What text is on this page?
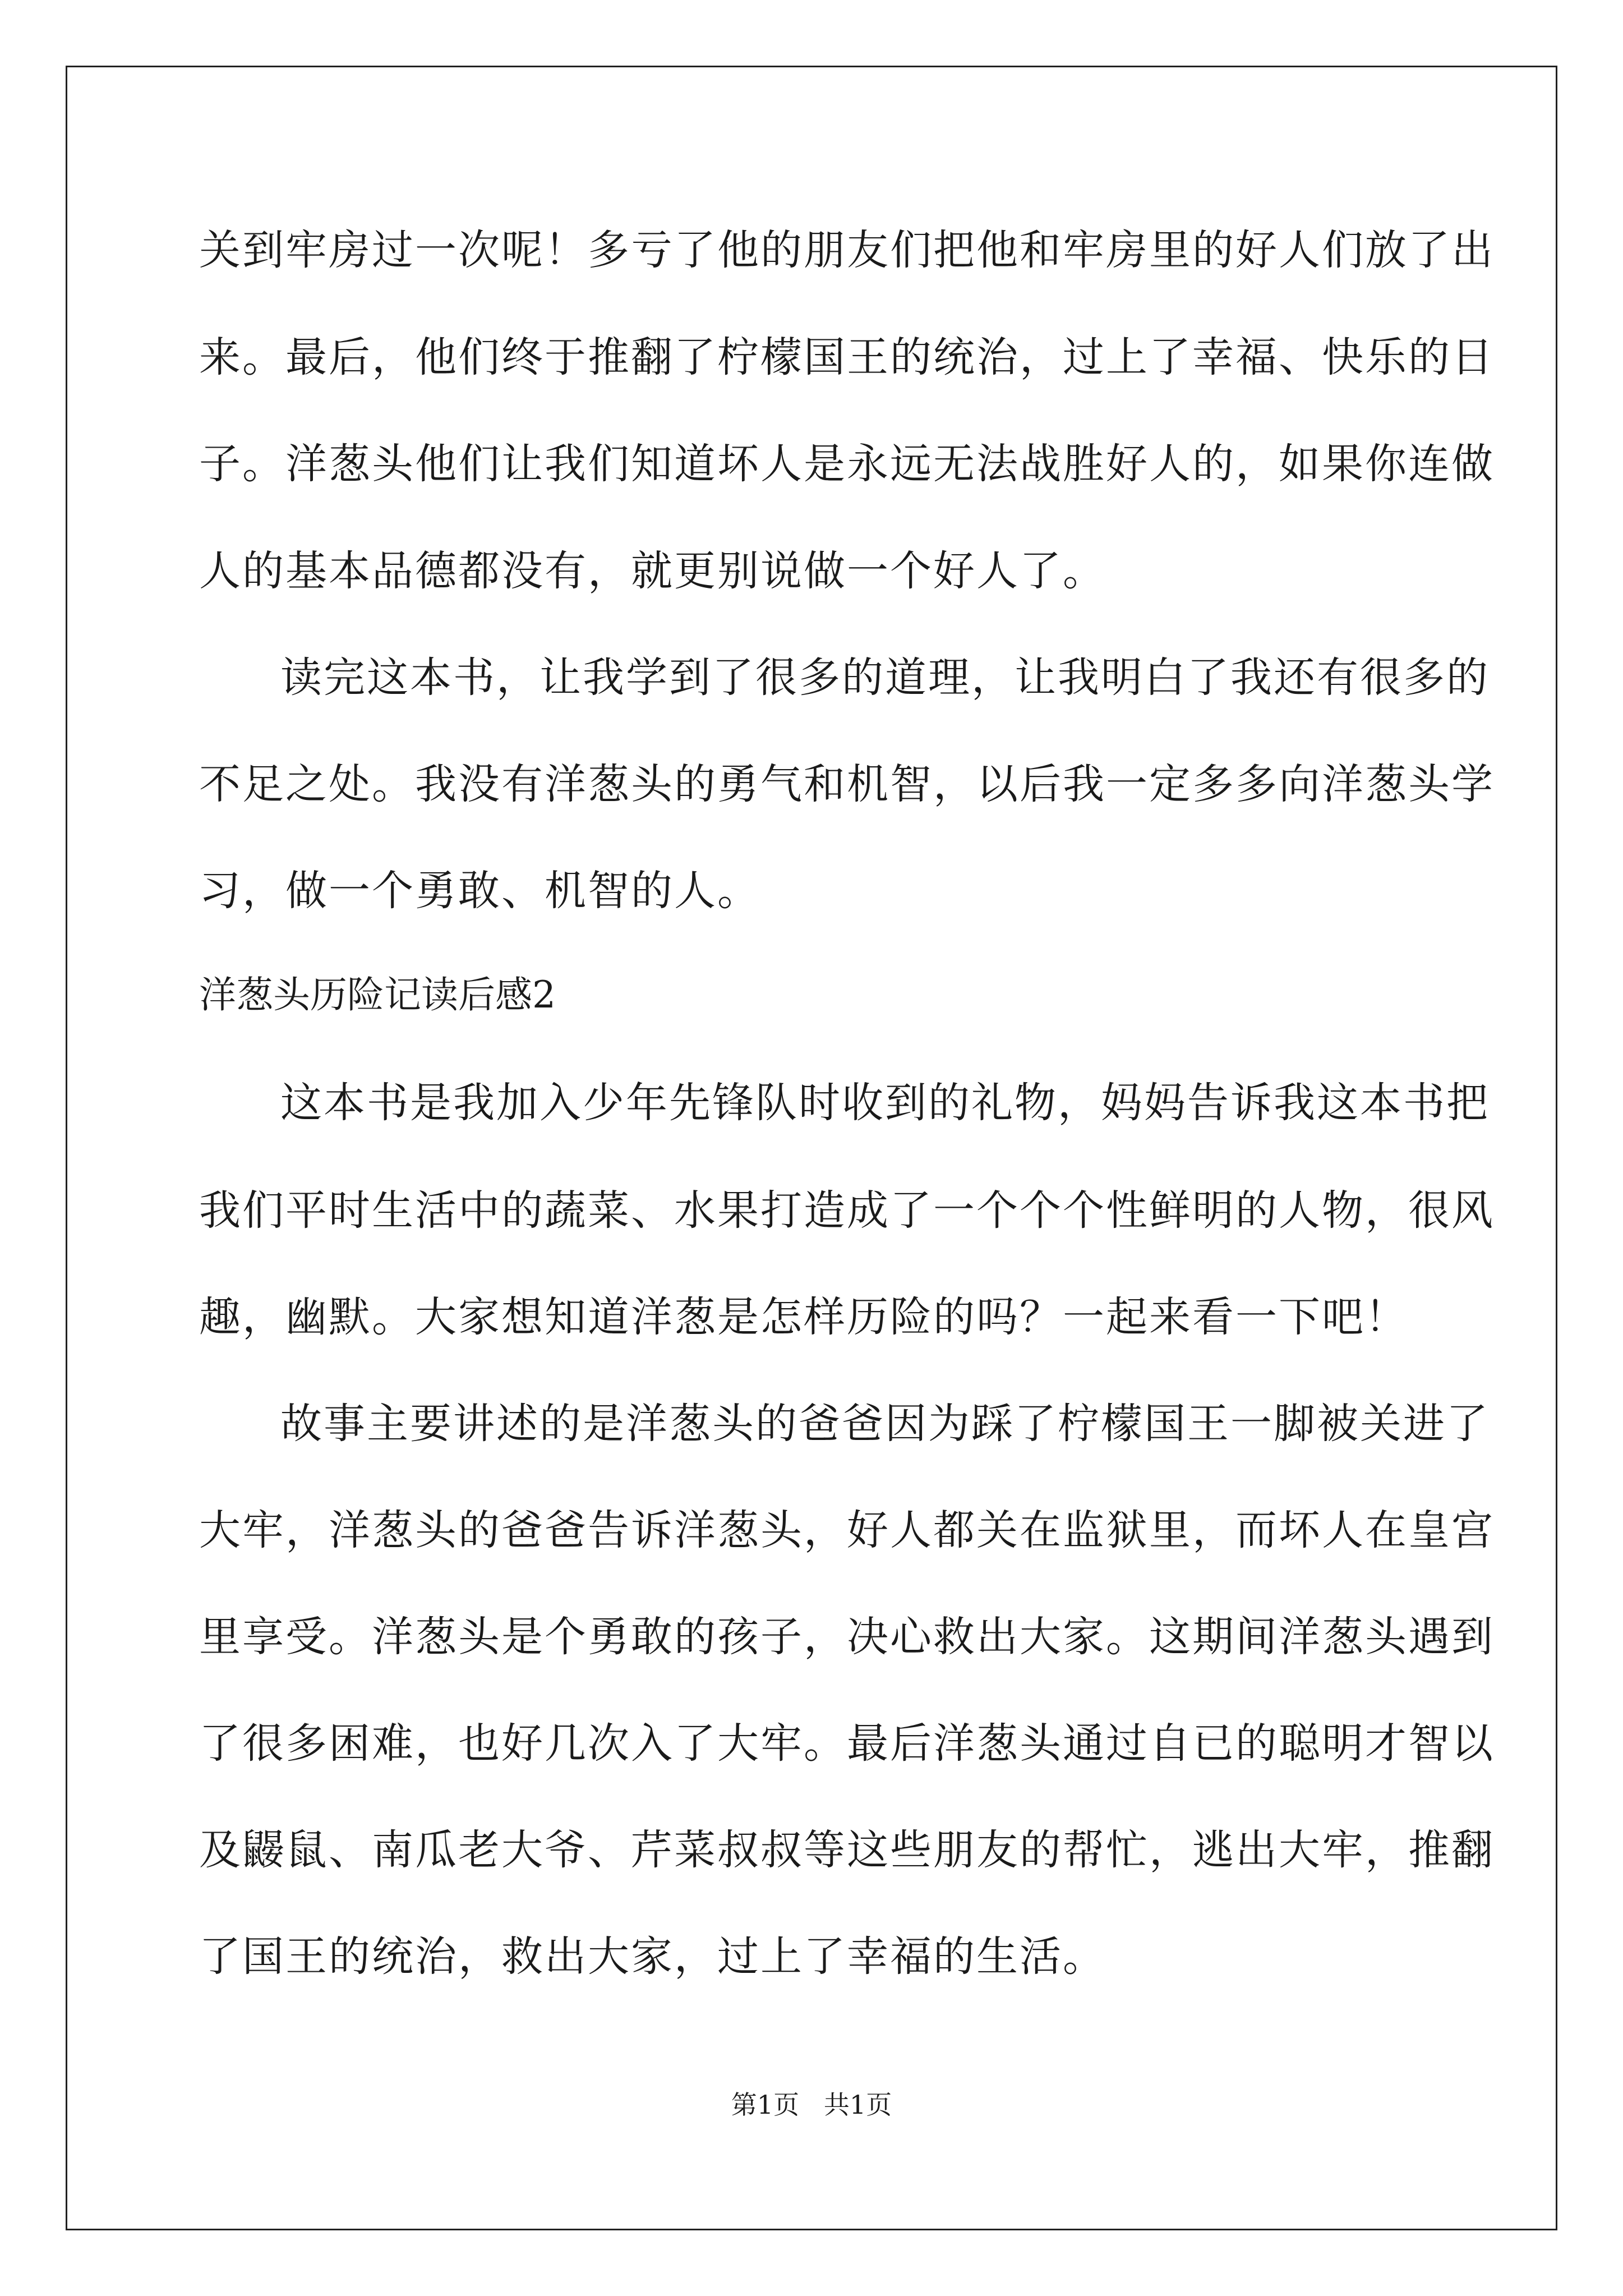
关到牢房过一次呢！多亏了他的朋友们把他和牢房里的好人们放了出
来。最后，他们终于推翻了柠檬国王的统治，过上了幸福、快乐的日
子。洋葱头他们让我们知道坏人是永远无法战胜好人的，如果你连做
人的基本品德都没有，就更别说做一个好人了。
读完这本书，让我学到了很多的道理，让我明白了我还有很多的
不足之处。我没有洋葱头的勇气和机智，以后我一定多多向洋葱头学
习，做一个勇敢、机智的人。
洋葱头历险记读后感2
这本书是我加入少年先锋队时收到的礼物，妈妈告诉我这本书把
我们平时生活中的蔬菜、水果打造成了一个个个性鲜明的人物，很风
趣，幽默。大家想知道洋葱是怎样历险的吗？一起来看一下吧！
故事主要讲述的是洋葱头的爸爸因为踩了柠檬国王一脚被关进了
大牢，洋葱头的爸爸告诉洋葱头，好人都关在监狱里，而坏人在皇宫
里享受。洋葱头是个勇敢的孩子，决心救出大家。这期间洋葱头遇到
了很多困难，也好几次入了大牢。最后洋葱头通过自已的聪明才智以
及鼹鼠、南瓜老大爷、芹菜叔叔等这些朋友的帮忙，逃出大牢，推翻
了国王的统治，救出大家，过上了幸福的生活。
第1页   共1页
